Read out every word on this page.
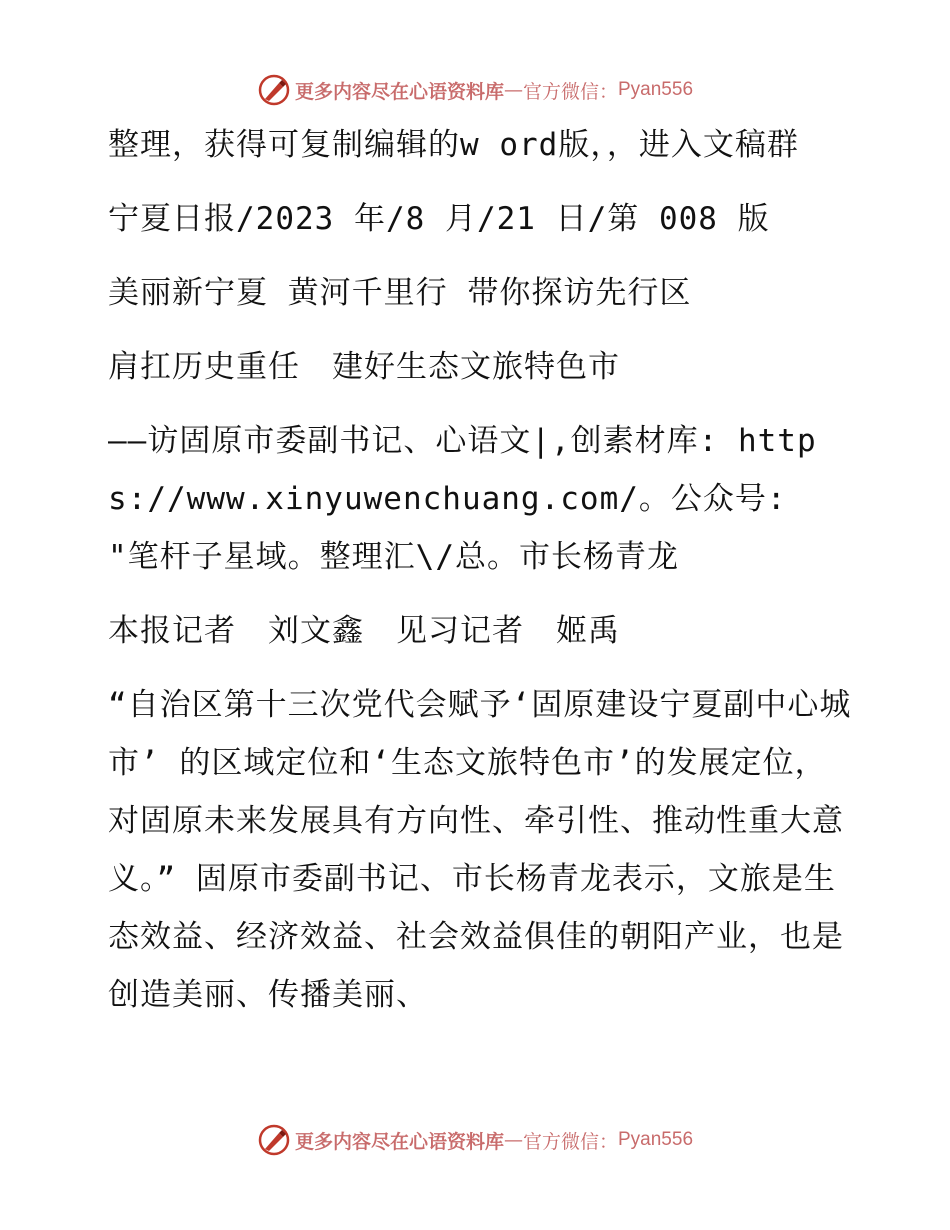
更多内容尽在心语资料库 — 官方微信： Pyan556

整理，获得可复制编辑的w ord版，，进入文稿群

宁夏日报/2023 年/8 月/21 日/第 008 版

美丽新宁夏 黄河千里行 带你探访先行区

肩扛历史重任　建好生态文旅特色市

——访固原市委副书记、心语文|,创素材库: https://www.xinyuwenchuang.com/。公众号: "笔杆子星域。整理汇\/总。市长杨青龙

本报记者　刘文鑫　见习记者　姬禹

“自治区第十三次党代会赋予‘固原建设宁夏副中心城市’ 的区域定位和‘生态文旅特色市’的发展定位，对固原未来发展具有方向性、牵引性、推动性重大意义。” 固原市委副书记、市长杨青龙表示，文旅是生态效益、经济效益、社会效益俱佳的朝阳产业，也是创造美丽、传播美丽、

更多内容尽在心语资料库 — 官方微信： Pyan556
